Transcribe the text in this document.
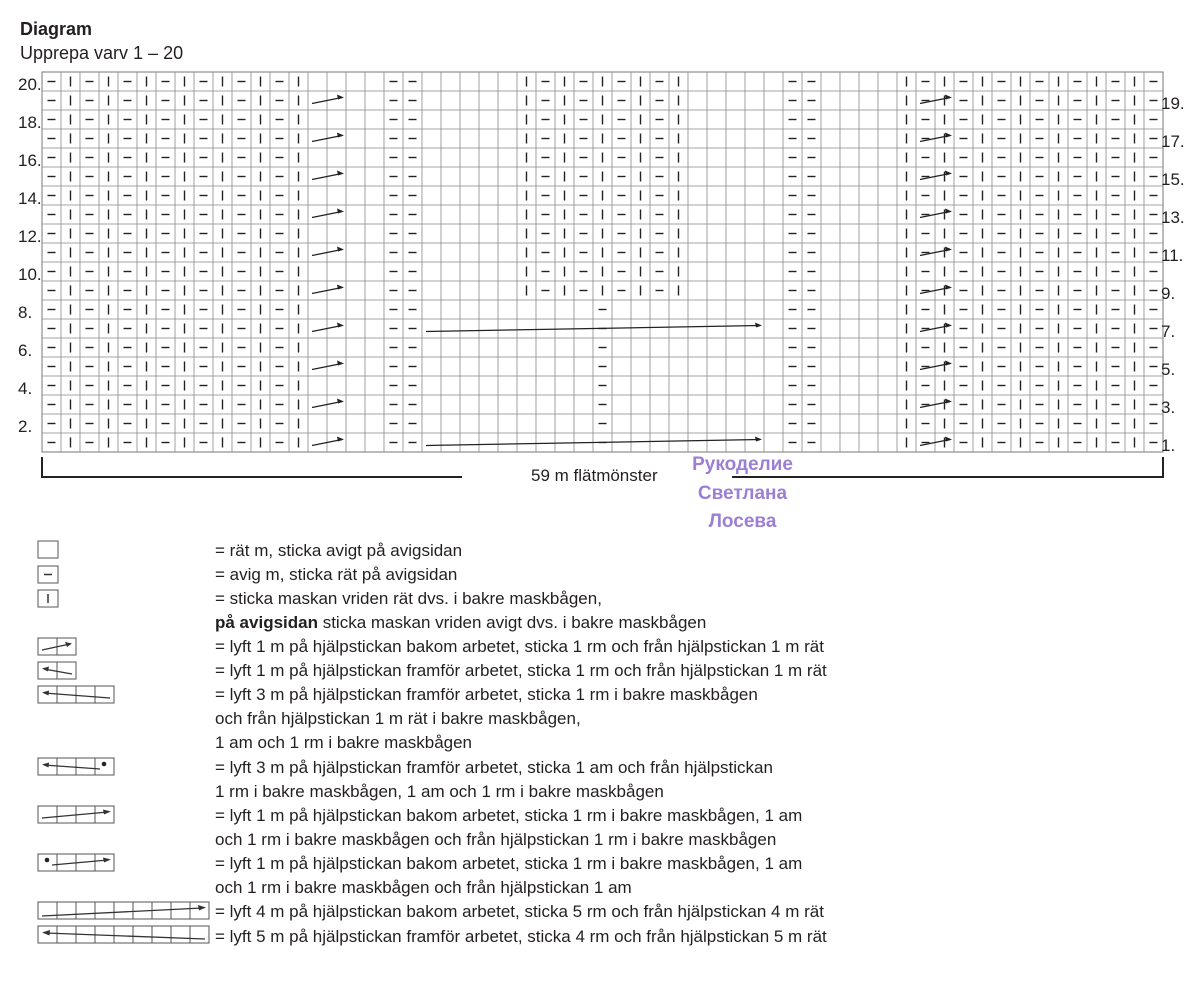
Diagram
Upprepa varv 1 – 20
20.
18.
16.
14.
12.
10.
8.
6.
4.
2.
19.
17.
15.
13.
11.
9.
7.
5.
3.
1.
59 m flätmönster
Рукоделие
Светлана
Лосева
= rät m, sticka avigt på avigsidan
= avig m, sticka rät på avigsidan
= sticka maskan vriden rät dvs. i bakre maskbågen,
på avigsidan sticka maskan vriden avigt dvs. i bakre maskbågen
= lyft 1 m på hjälpstickan bakom arbetet, sticka 1 rm och från hjälpstickan 1 m rät
= lyft 1 m på hjälpstickan framför arbetet, sticka 1 rm och från hjälpstickan 1 m rät
= lyft 3 m på hjälpstickan framför arbetet, sticka 1 rm i bakre maskbågen
och från hjälpstickan 1 m rät i bakre maskbågen,
1 am och 1 rm i bakre maskbågen
= lyft 3 m på hjälpstickan framför arbetet, sticka 1 am och från hjälpstickan
1 rm i bakre maskbågen, 1 am och 1 rm i bakre maskbågen
= lyft 1 m på hjälpstickan bakom arbetet, sticka 1 rm i bakre maskbågen, 1 am
och 1 rm i bakre maskbågen och från hjälpstickan 1 rm i bakre maskbågen
= lyft 1 m på hjälpstickan bakom arbetet, sticka 1 rm i bakre maskbågen, 1 am
och 1 rm i bakre maskbågen och från hjälpstickan 1 am
= lyft 4 m på hjälpstickan bakom arbetet, sticka 5 rm och från hjälpstickan 4 m rät
= lyft 5 m på hjälpstickan framför arbetet, sticka 4 rm och från hjälpstickan 5 m rät
